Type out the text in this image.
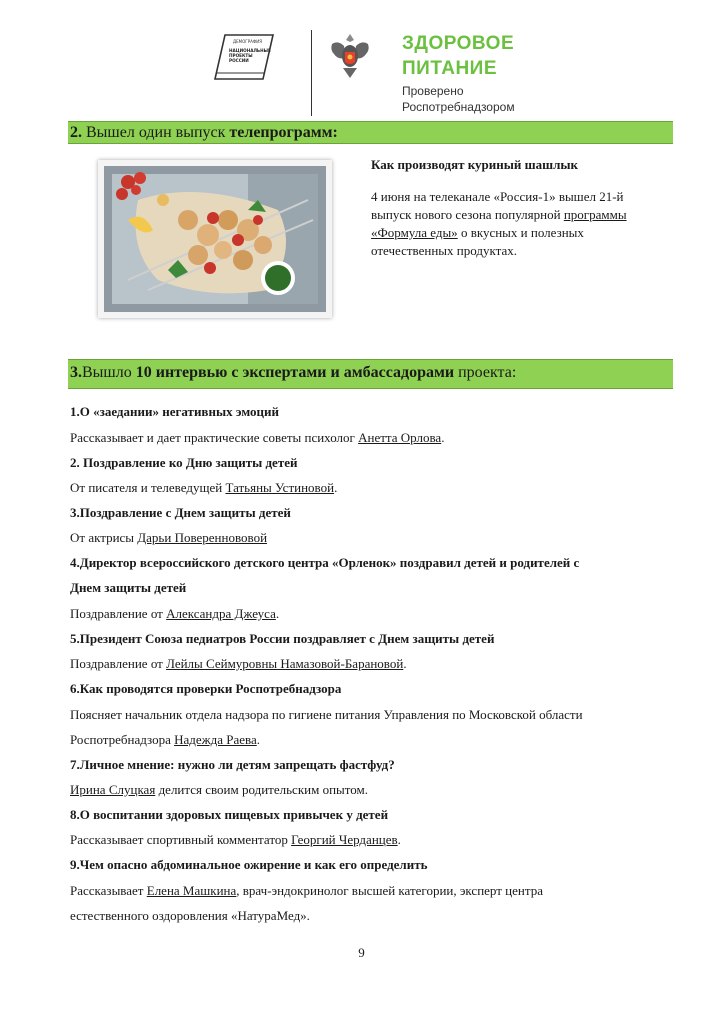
ДЕМОГРАФИЯ
НАЦИОНАЛЬНЫЕ
ПРОЕКТЫ
РОССИИ
ЗДОРОВОЕ
ПИТАНИЕ
Проверено
Роспотребнадзором
2. Вышел один выпуск телепрограмм:
Как производят куриный шашлык
4 июня на телеканале «Россия-1» вышел 21-й
выпуск нового сезона популярной программы
«Формула еды» о вкусных и полезных
отечественных продуктах.
3.Вышло 10 интервью с экспертами и амбассадорами проекта:
1.О «заедании» негативных эмоций
Рассказывает и дает практические советы психолог Анетта Орлова.
2. Поздравление ко Дню защиты детей
От писателя и телеведущей Татьяны Устиновой.
3.Поздравление с Днем защиты детей
От актрисы Дарьи Повереннововой
4.Директор всероссийского детского центра «Орленок» поздравил детей и родителей с
Днем защиты детей
Поздравление от Александра Джеуса.
5.Президент Союза педиатров России поздравляет с Днем защиты детей
Поздравление от Лейлы Сеймуровны Намазовой-Барановой.
6.Как проводятся проверки Роспотребнадзора
Поясняет начальник отдела надзора по гигиене питания Управления по Московской области
Роспотребнадзора Надежда Раева.
7.Личное мнение: нужно ли детям запрещать фастфуд?
Ирина Слуцкая делится своим родительским опытом.
8.О воспитании здоровых пищевых привычек у детей
Рассказывает спортивный комментатор Георгий Черданцев.
9.Чем опасно абдоминальное ожирение и как его определить
Рассказывает Елена Машкина, врач-эндокринолог высшей категории, эксперт центра
естественного оздоровления «НатураМед».
9
